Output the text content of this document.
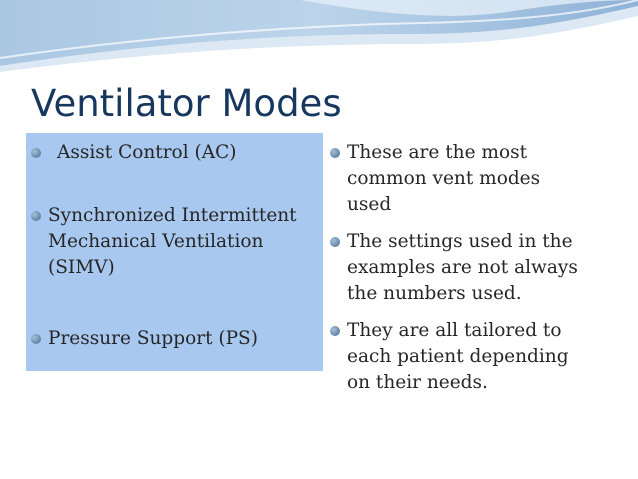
Ventilator Modes
Assist Control (AC)
Synchronized Intermittent
Mechanical Ventilation
(SIMV)
Pressure Support (PS)
These are the most
common vent modes
used
The settings used in the
examples are not always
the numbers used.
They are all tailored to
each patient depending
on their needs.
